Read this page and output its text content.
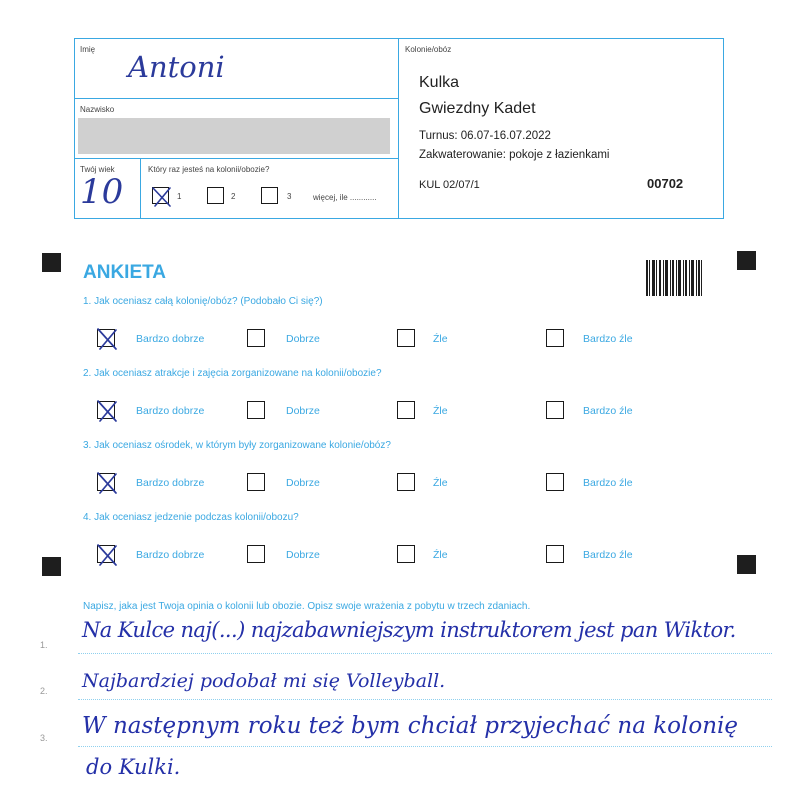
Imię
Antoni
Nazwisko
Twój wiek
10
Który raz jesteś na kolonii/obozie?
1	2	3	więcej, ile ............
Kolonie/obóz
Kulka
Gwiezdny Kadet
Turnus: 06.07-16.07.2022
Zakwaterowanie: pokoje z łazienkami
KUL 02/07/1	00702
ANKIETA
1. Jak oceniasz całą kolonię/obóz? (Podobało Ci się?)
Bardzo dobrze	Dobrze	Źle	Bardzo źle
2. Jak oceniasz atrakcje i zajęcia zorganizowane na kolonii/obozie?
Bardzo dobrze	Dobrze	Źle	Bardzo źle
3. Jak oceniasz ośrodek, w którym były zorganizowane kolonie/obóz?
Bardzo dobrze	Dobrze	Źle	Bardzo źle
4. Jak oceniasz jedzenie podczas kolonii/obozu?
Bardzo dobrze	Dobrze	Źle	Bardzo źle
Napisz, jaka jest Twoja opinia o kolonii lub obozie. Opisz swoje wrażenia z pobytu w trzech zdaniach.
1.
2.
3.
Na Kulce naj(...) najzabawniejszym instruktorem jest pan Wiktor.
Najbardziej podobał mi się Volleyball.
W następnym roku też bym chciał przyjechać na kolonię
do Kulki.
